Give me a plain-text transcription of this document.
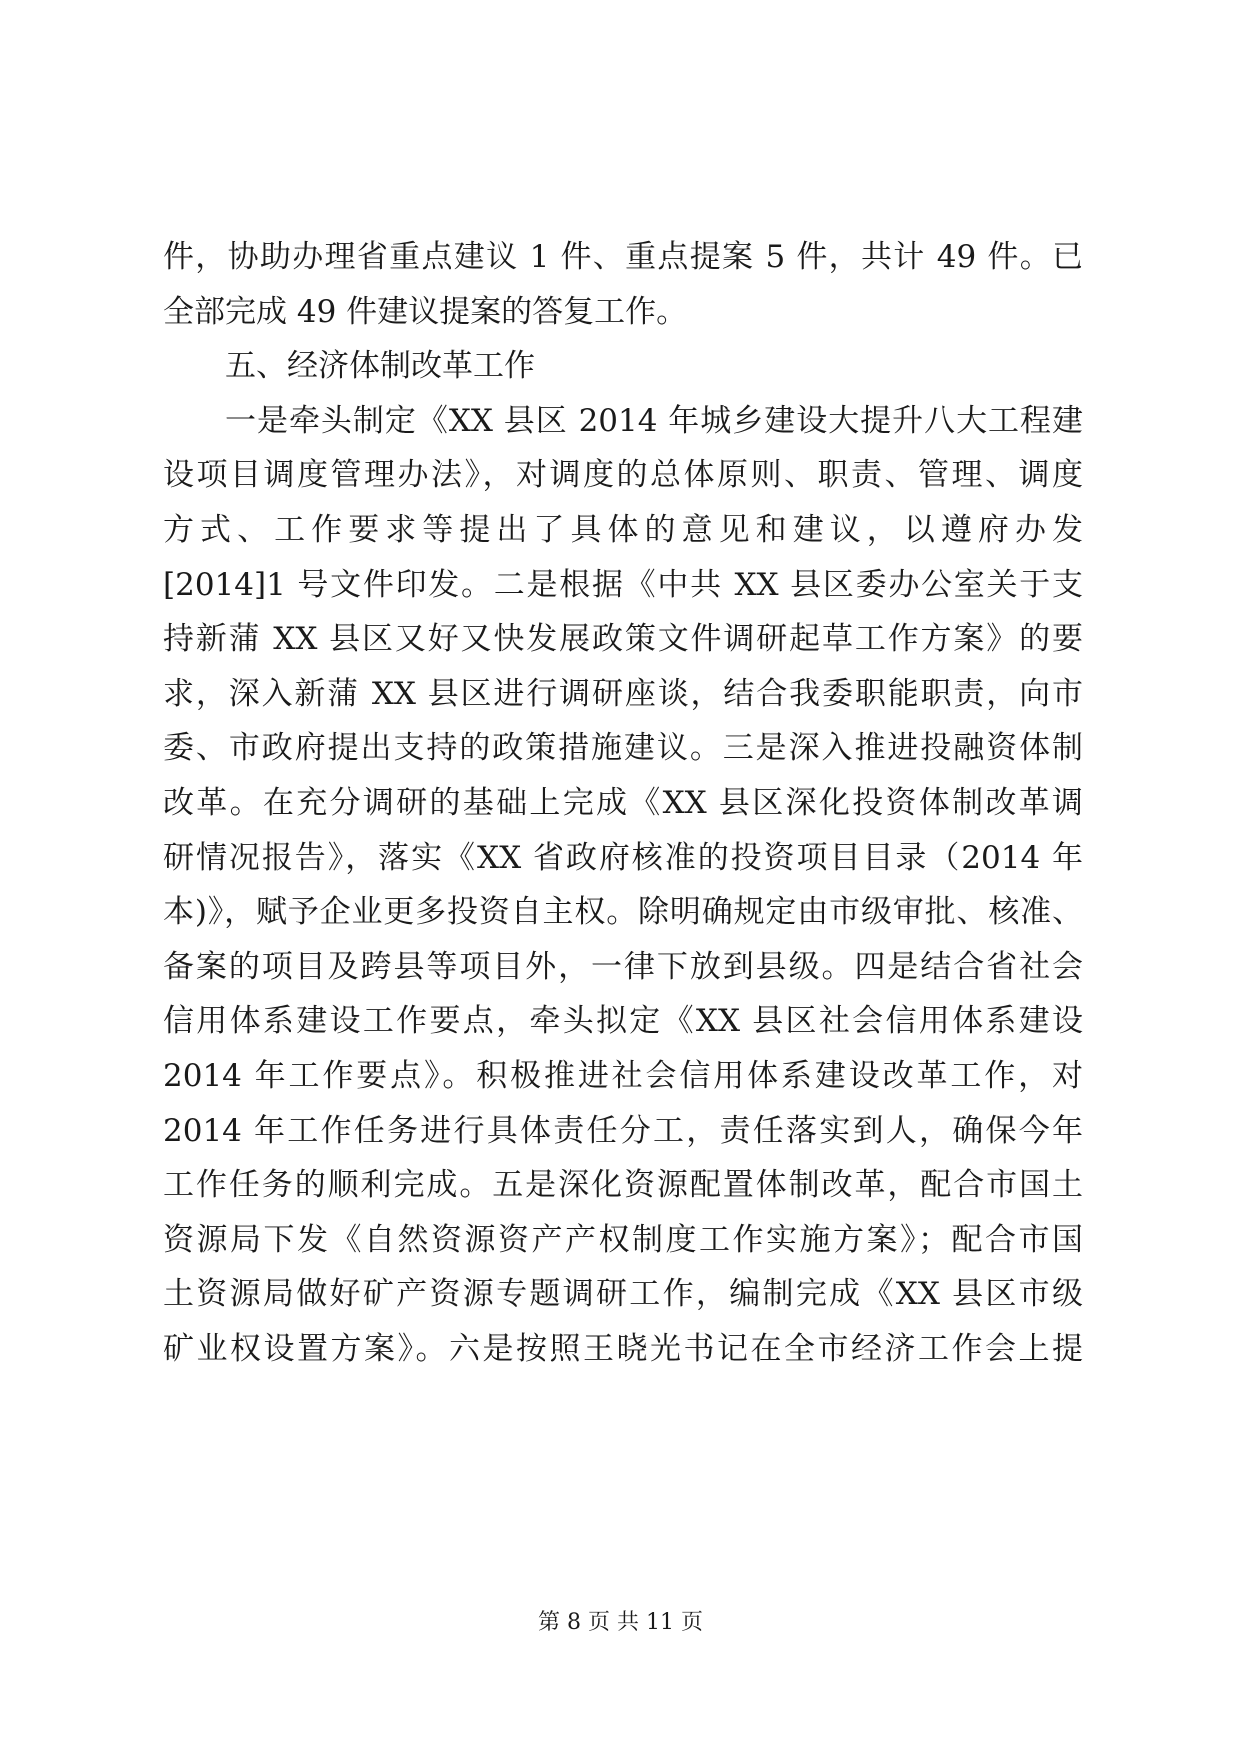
件，协助办理省重点建议 1 件、重点提案 5 件，共计 49 件。已
全部完成 49 件建议提案的答复工作。
五、经济体制改革工作
一是牵头制定《XX 县区 2014 年城乡建设大提升八大工程建
设项目调度管理办法》，对调度的总体原则、职责、管理、调度
方式、工作要求等提出了具体的意见和建议，以遵府办发
[2014]1 号文件印发。二是根据《中共 XX 县区委办公室关于支
持新蒲 XX 县区又好又快发展政策文件调研起草工作方案》的要
求，深入新蒲 XX 县区进行调研座谈，结合我委职能职责，向市
委、市政府提出支持的政策措施建议。三是深入推进投融资体制
改革。在充分调研的基础上完成《XX 县区深化投资体制改革调
研情况报告》，落实《XX 省政府核准的投资项目目录（2014 年
本)》，赋予企业更多投资自主权。除明确规定由市级审批、核准、
备案的项目及跨县等项目外，一律下放到县级。四是结合省社会
信用体系建设工作要点，牵头拟定《XX 县区社会信用体系建设
2014 年工作要点》。积极推进社会信用体系建设改革工作，对
2014 年工作任务进行具体责任分工，责任落实到人，确保今年
工作任务的顺利完成。五是深化资源配置体制改革，配合市国土
资源局下发《自然资源资产产权制度工作实施方案》；配合市国
土资源局做好矿产资源专题调研工作，编制完成《XX 县区市级
矿业权设置方案》。六是按照王晓光书记在全市经济工作会上提
第 8 页 共 11 页
